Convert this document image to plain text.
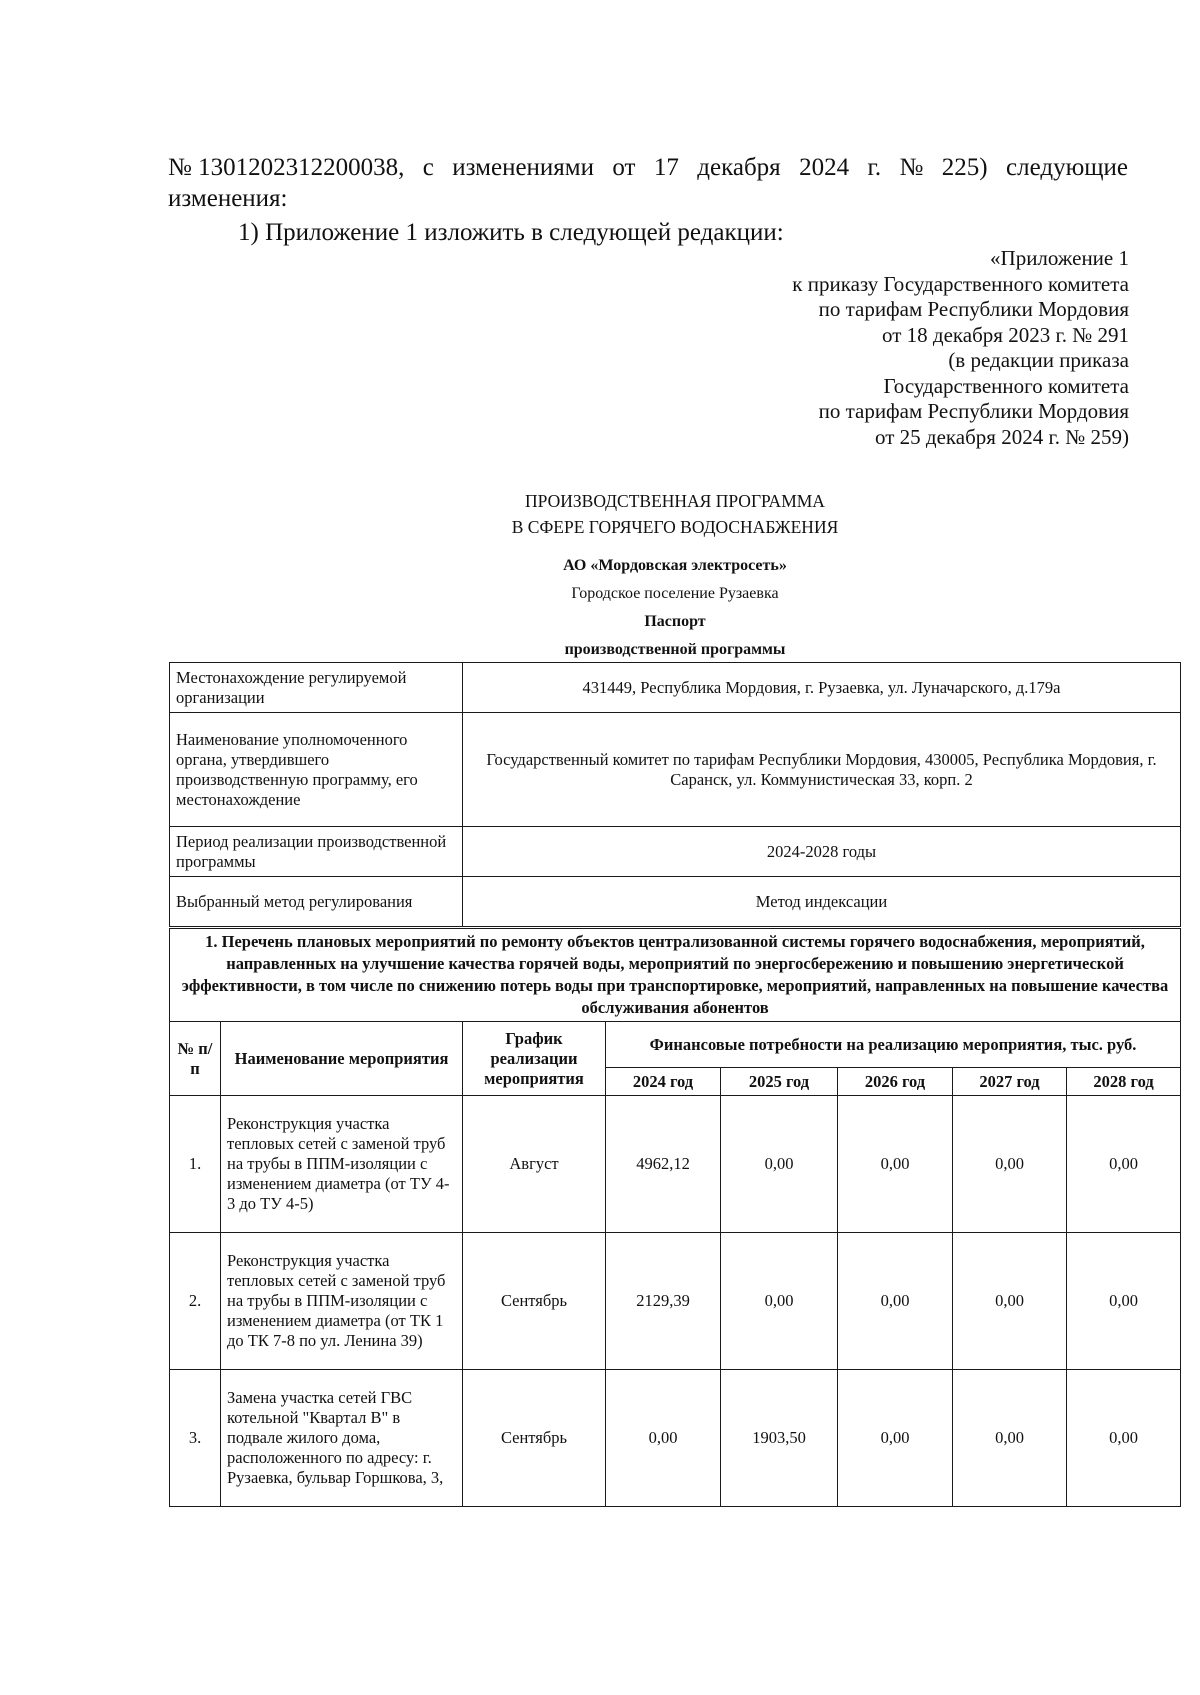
№ 1301202312200038, с изменениями от 17 декабря 2024 г. № 225) следующие
изменения:
1) Приложение 1 изложить в следующей редакции:
«Приложение 1
к приказу Государственного комитета
по тарифам Республики Мордовия
от 18 декабря 2023 г. № 291
(в редакции приказа
Государственного комитета
по тарифам Республики Мордовия
от 25 декабря 2024 г. № 259)
ПРОИЗВОДСТВЕННАЯ ПРОГРАММА
В СФЕРЕ ГОРЯЧЕГО ВОДОСНАБЖЕНИЯ
АО «Мордовская электросеть»
Городское поселение Рузаевка
Паспорт
производственной программы
Местонахождение регулируемой организации	431449, Республика Мордовия, г. Рузаевка, ул. Луначарского, д.179а
Наименование уполномоченного органа, утвердившего производственную программу, его местонахождение	Государственный комитет по тарифам Республики Мордовия, 430005, Республика Мордовия, г. Саранск, ул. Коммунистическая 33, корп. 2
Период реализации производственной программы	2024-2028 годы
Выбранный метод регулирования	Метод индексации
1. Перечень плановых мероприятий по ремонту объектов централизованной системы горячего водоснабжения, мероприятий, направленных на улучшение качества горячей воды, мероприятий по энергосбережению и повышению энергетической эффективности, в том числе по снижению потерь воды при транспортировке, мероприятий, направленных на повышение качества обслуживания абонентов							
№ п/п	Наименование мероприятия	График реализации мероприятия	Финансовые потребности на реализацию мероприятия, тыс. руб.				
			2024 год	2025 год	2026 год	2027 год	2028 год
1.	Реконструкция участка тепловых сетей с заменой труб на трубы в ППМ-изоляции с изменением диаметра (от ТУ 4-3 до ТУ 4-5)	Август	4962,12	0,00	0,00	0,00	0,00
2.	Реконструкция участка тепловых сетей с заменой труб на трубы в ППМ-изоляции с изменением диаметра (от ТК 1 до ТК 7-8 по ул. Ленина 39)	Сентябрь	2129,39	0,00	0,00	0,00	0,00
3.	Замена участка сетей ГВС котельной "Квартал В" в подвале жилого дома, расположенного по адресу: г. Рузаевка, бульвар Горшкова, 3,	Сентябрь	0,00	1903,50	0,00	0,00	0,00
